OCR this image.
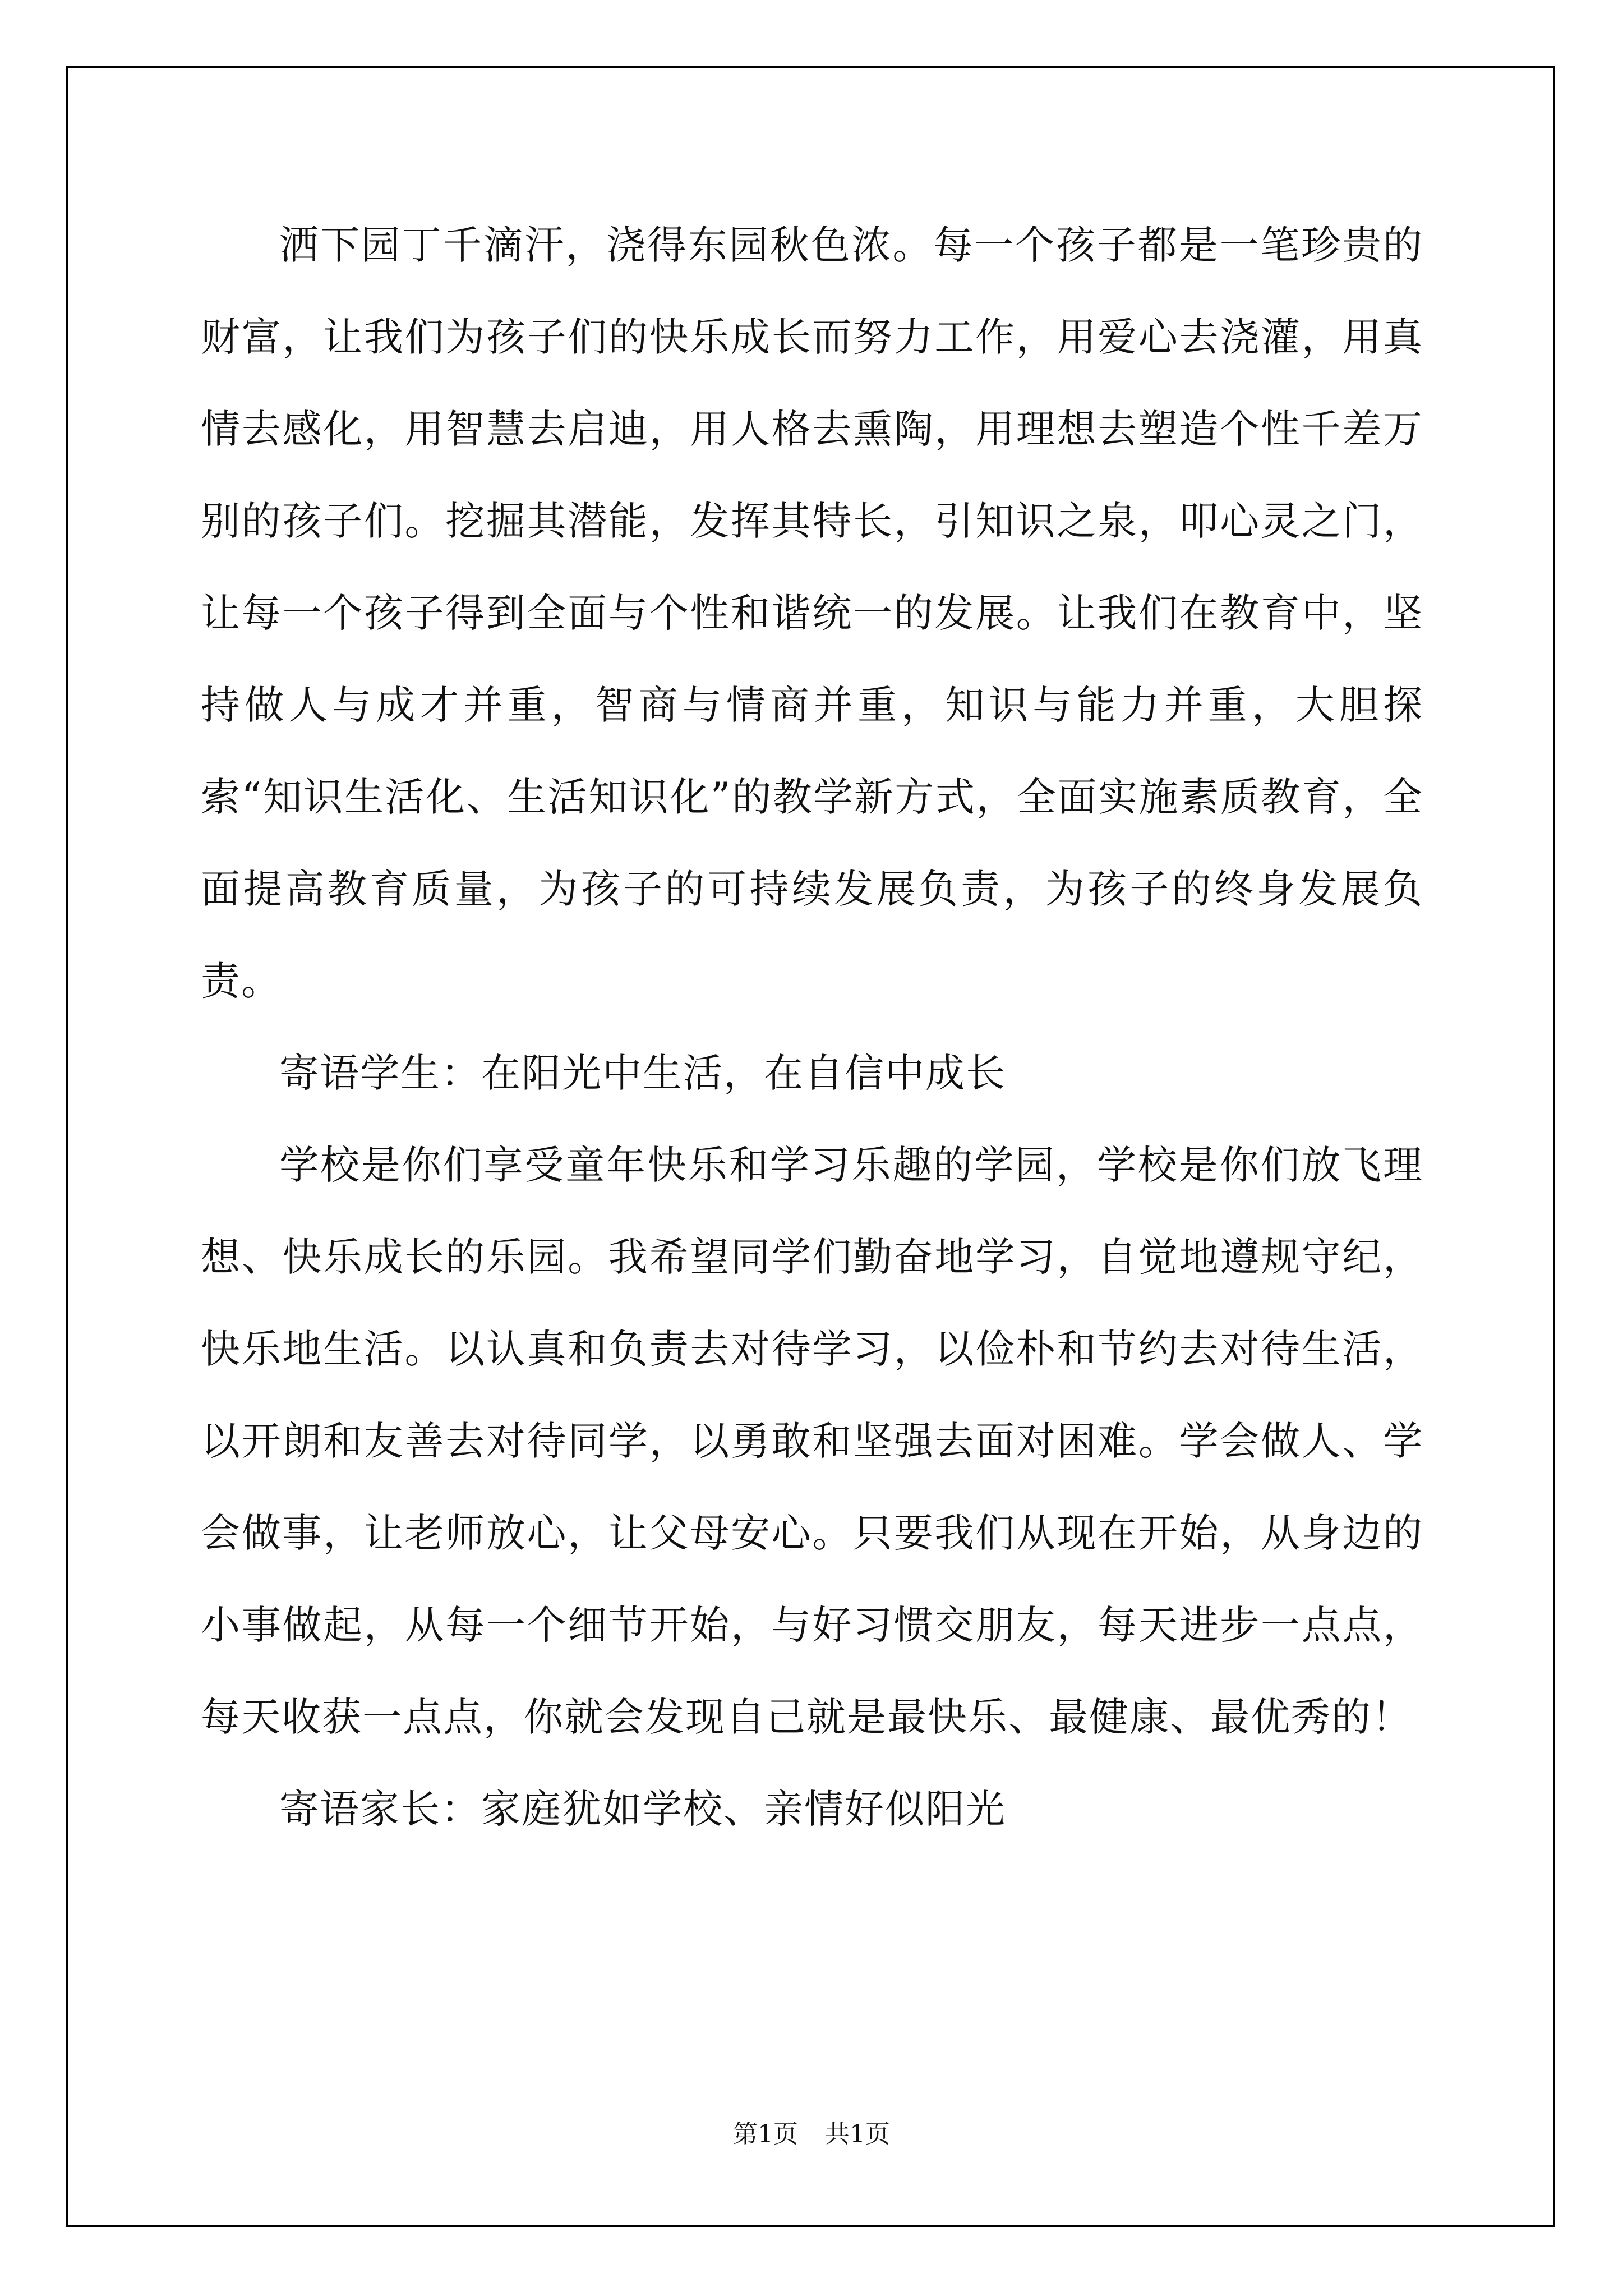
洒下园丁千滴汗，浇得东园秋色浓。每一个孩子都是一笔珍贵的财富，让我们为孩子们的快乐成长而努力工作，用爱心去浇灌，用真情去感化，用智慧去启迪，用人格去熏陶，用理想去塑造个性千差万别的孩子们。挖掘其潜能，发挥其特长，引知识之泉，叩心灵之门，让每一个孩子得到全面与个性和谐统一的发展。让我们在教育中，坚持做人与成才并重，智商与情商并重，知识与能力并重，大胆探索“知识生活化、生活知识化”的教学新方式，全面实施素质教育，全面提高教育质量，为孩子的可持续发展负责，为孩子的终身发展负责。

寄语学生：在阳光中生活，在自信中成长

学校是你们享受童年快乐和学习乐趣的学园，学校是你们放飞理想、快乐成长的乐园。我希望同学们勤奋地学习，自觉地遵规守纪，快乐地生活。以认真和负责去对待学习，以俭朴和节约去对待生活，以开朗和友善去对待同学，以勇敢和坚强去面对困难。学会做人、学会做事，让老师放心，让父母安心。只要我们从现在开始，从身边的小事做起，从每一个细节开始，与好习惯交朋友，每天进步一点点，每天收获一点点，你就会发现自己就是最快乐、最健康、最优秀的！

寄语家长：家庭犹如学校、亲情好似阳光

第1页 共1页
